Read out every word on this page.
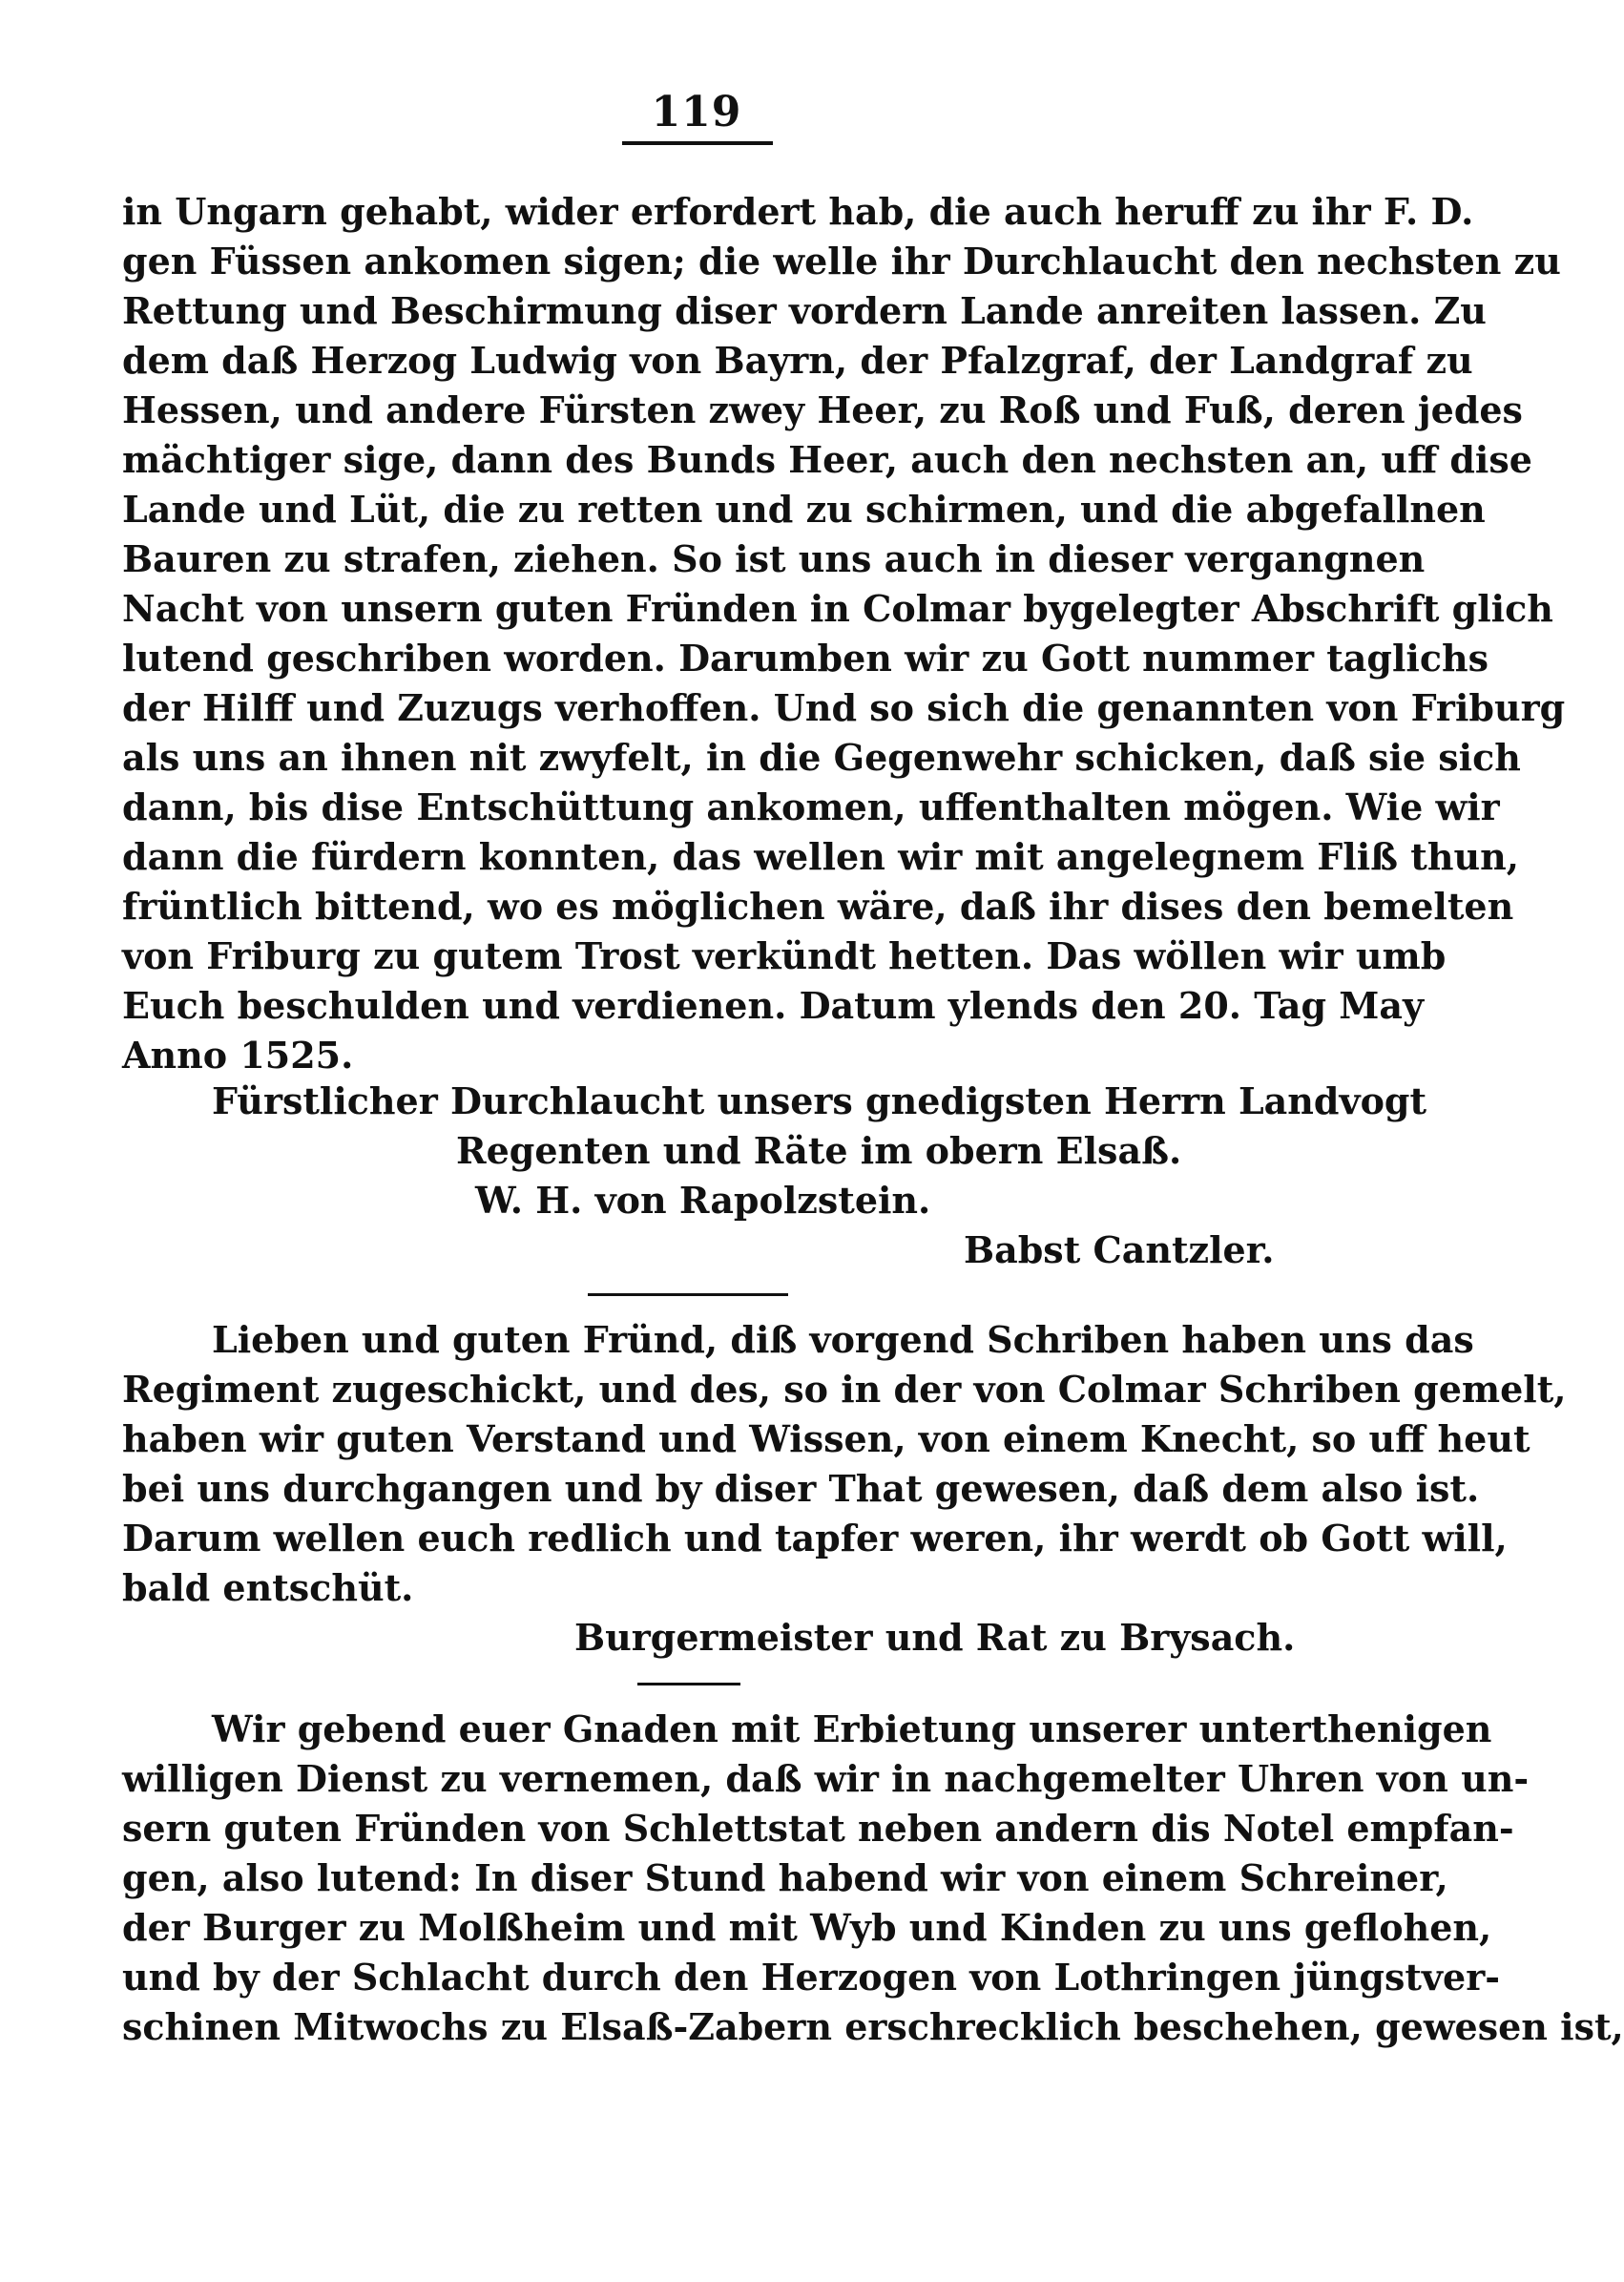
119
in Ungarn gehabt, wider erfordert hab, die auch heruff zu ihr F. D.
gen Füssen ankomen sigen; die welle ihr Durchlaucht den nechsten zu
Rettung und Beschirmung diser vordern Lande anreiten lassen. Zu
dem daß Herzog Ludwig von Bayrn, der Pfalzgraf, der Landgraf zu
Hessen, und andere Fürsten zwey Heer, zu Roß und Fuß, deren jedes
mächtiger sige, dann des Bunds Heer, auch den nechsten an, uff dise
Lande und Lüt, die zu retten und zu schirmen, und die abgefallnen
Bauren zu strafen, ziehen. So ist uns auch in dieser vergangnen
Nacht von unsern guten Fründen in Colmar bygelegter Abschrift glich
lutend geschriben worden. Darumben wir zu Gott nummer taglichs
der Hilff und Zuzugs verhoffen. Und so sich die genannten von Friburg
als uns an ihnen nit zwyfelt, in die Gegenwehr schicken, daß sie sich
dann, bis dise Entschüttung ankomen, uffenthalten mögen. Wie wir
dann die fürdern konnten, das wellen wir mit angelegnem Fliß thun,
früntlich bittend, wo es möglichen wäre, daß ihr dises den bemelten
von Friburg zu gutem Trost verkündt hetten. Das wöllen wir umb
Euch beschulden und verdienen. Datum ylends den 20. Tag May
Anno 1525.
Fürstlicher Durchlaucht unsers gnedigsten Herrn Landvogt
Regenten und Räte im obern Elsaß.
W. H. von Rapolzstein.
Babst Cantzler.
Lieben und guten Fründ, diß vorgend Schriben haben uns das
Regiment zugeschickt, und des, so in der von Colmar Schriben gemelt,
haben wir guten Verstand und Wissen, von einem Knecht, so uff heut
bei uns durchgangen und by diser That gewesen, daß dem also ist.
Darum wellen euch redlich und tapfer weren, ihr werdt ob Gott will,
bald entschüt.
Burgermeister und Rat zu Brysach.
Wir gebend euer Gnaden mit Erbietung unserer unterthenigen
willigen Dienst zu vernemen, daß wir in nachgemelter Uhren von un-
sern guten Fründen von Schlettstat neben andern dis Notel empfan-
gen, also lutend: In diser Stund habend wir von einem Schreiner,
der Burger zu Molßheim und mit Wyb und Kinden zu uns geflohen,
und by der Schlacht durch den Herzogen von Lothringen jüngstver-
schinen Mitwochs zu Elsaß-Zabern erschrecklich beschehen, gewesen ist,
